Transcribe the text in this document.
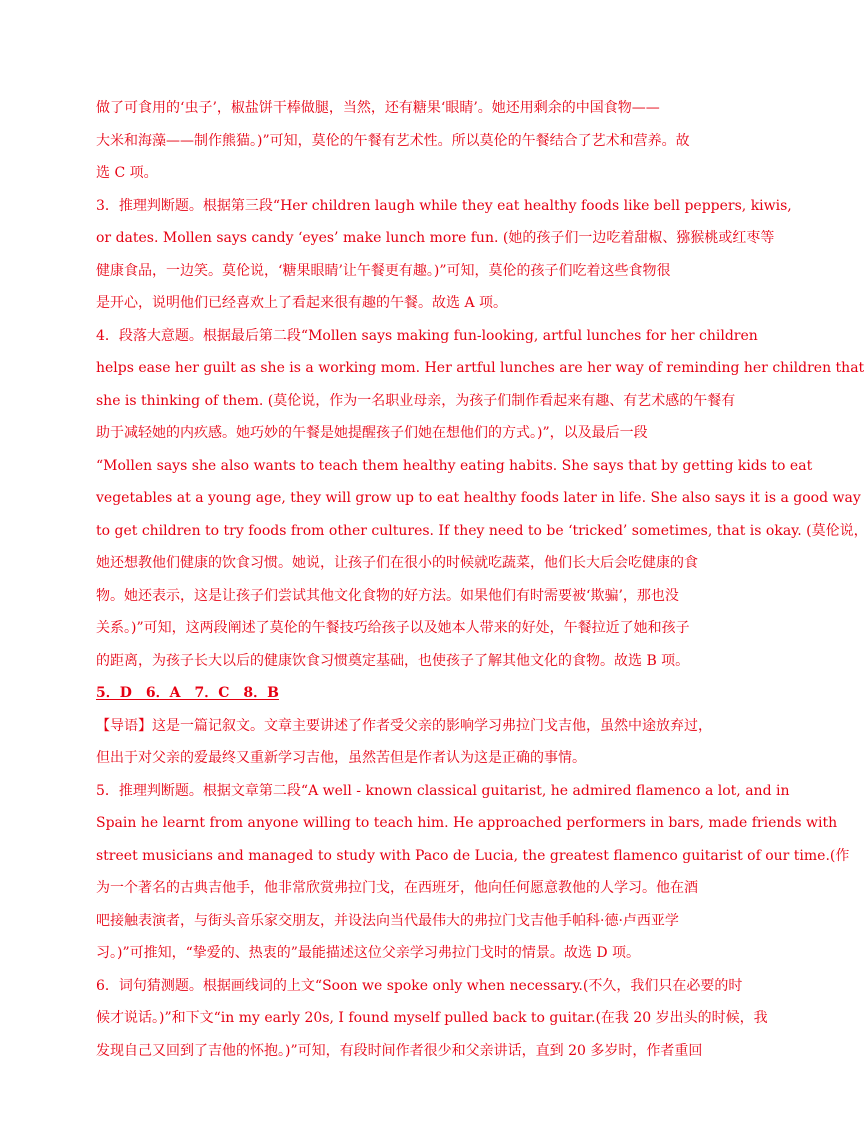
做了可食用的‘虫子’，椒盐饼干棒做腿，当然，还有糖果‘眼睛’。她还用剩余的中国食物——
大米和海藻——制作熊猫。)”可知，莫伦的午餐有艺术性。所以莫伦的午餐结合了艺术和营养。故
选 C 项。
3．推理判断题。根据第三段“Her children laugh while they eat healthy foods like bell peppers, kiwis,
or dates. Mollen says candy ‘eyes’ make lunch more fun. (她的孩子们一边吃着甜椒、猕猴桃或红枣等
健康食品，一边笑。莫伦说，‘糖果眼睛’让午餐更有趣。)”可知，莫伦的孩子们吃着这些食物很
是开心，说明他们已经喜欢上了看起来很有趣的午餐。故选 A 项。
4．段落大意题。根据最后第二段“Mollen says making fun-looking, artful lunches for her children
helps ease her guilt as she is a working mom. Her artful lunches are her way of reminding her children that
she is thinking of them. (莫伦说，作为一名职业母亲，为孩子们制作看起来有趣、有艺术感的午餐有
助于减轻她的内疚感。她巧妙的午餐是她提醒孩子们她在想他们的方式。)”，以及最后一段
“Mollen says she also wants to teach them healthy eating habits. She says that by getting kids to eat
vegetables at a young age, they will grow up to eat healthy foods later in life. She also says it is a good way
to get children to try foods from other cultures. If they need to be ‘tricked’ sometimes, that is okay. (莫伦说，
她还想教他们健康的饮食习惯。她说，让孩子们在很小的时候就吃蔬菜，他们长大后会吃健康的食
物。她还表示，这是让孩子们尝试其他文化食物的好方法。如果他们有时需要被‘欺骗’，那也没
关系。)”可知，这两段阐述了莫伦的午餐技巧给孩子以及她本人带来的好处，午餐拉近了她和孩子
的距离，为孩子长大以后的健康饮食习惯奠定基础，也使孩子了解其他文化的食物。故选 B 项。
5．D　6．A　7．C　8．B
【导语】这是一篇记叙文。文章主要讲述了作者受父亲的影响学习弗拉门戈吉他，虽然中途放弃过，
但出于对父亲的爱最终又重新学习吉他，虽然苦但是作者认为这是正确的事情。
5．推理判断题。根据文章第二段“A well - known classical guitarist, he admired flamenco a lot, and in
Spain he learnt from anyone willing to teach him. He approached performers in bars, made friends with
street musicians and managed to study with Paco de Lucia, the greatest flamenco guitarist of our time.(作
为一个著名的古典吉他手，他非常欣赏弗拉门戈，在西班牙，他向任何愿意教他的人学习。他在酒
吧接触表演者，与街头音乐家交朋友，并设法向当代最伟大的弗拉门戈吉他手帕科·德·卢西亚学
习。)”可推知，“挚爱的、热衷的”最能描述这位父亲学习弗拉门戈时的情景。故选 D 项。
6．词句猜测题。根据画线词的上文“Soon we spoke only when necessary.(不久，我们只在必要的时
候才说话。)”和下文“in my early 20s, I found myself pulled back to guitar.(在我 20 岁出头的时候，我
发现自己又回到了吉他的怀抱。)”可知，有段时间作者很少和父亲讲话，直到 20 多岁时，作者重回
